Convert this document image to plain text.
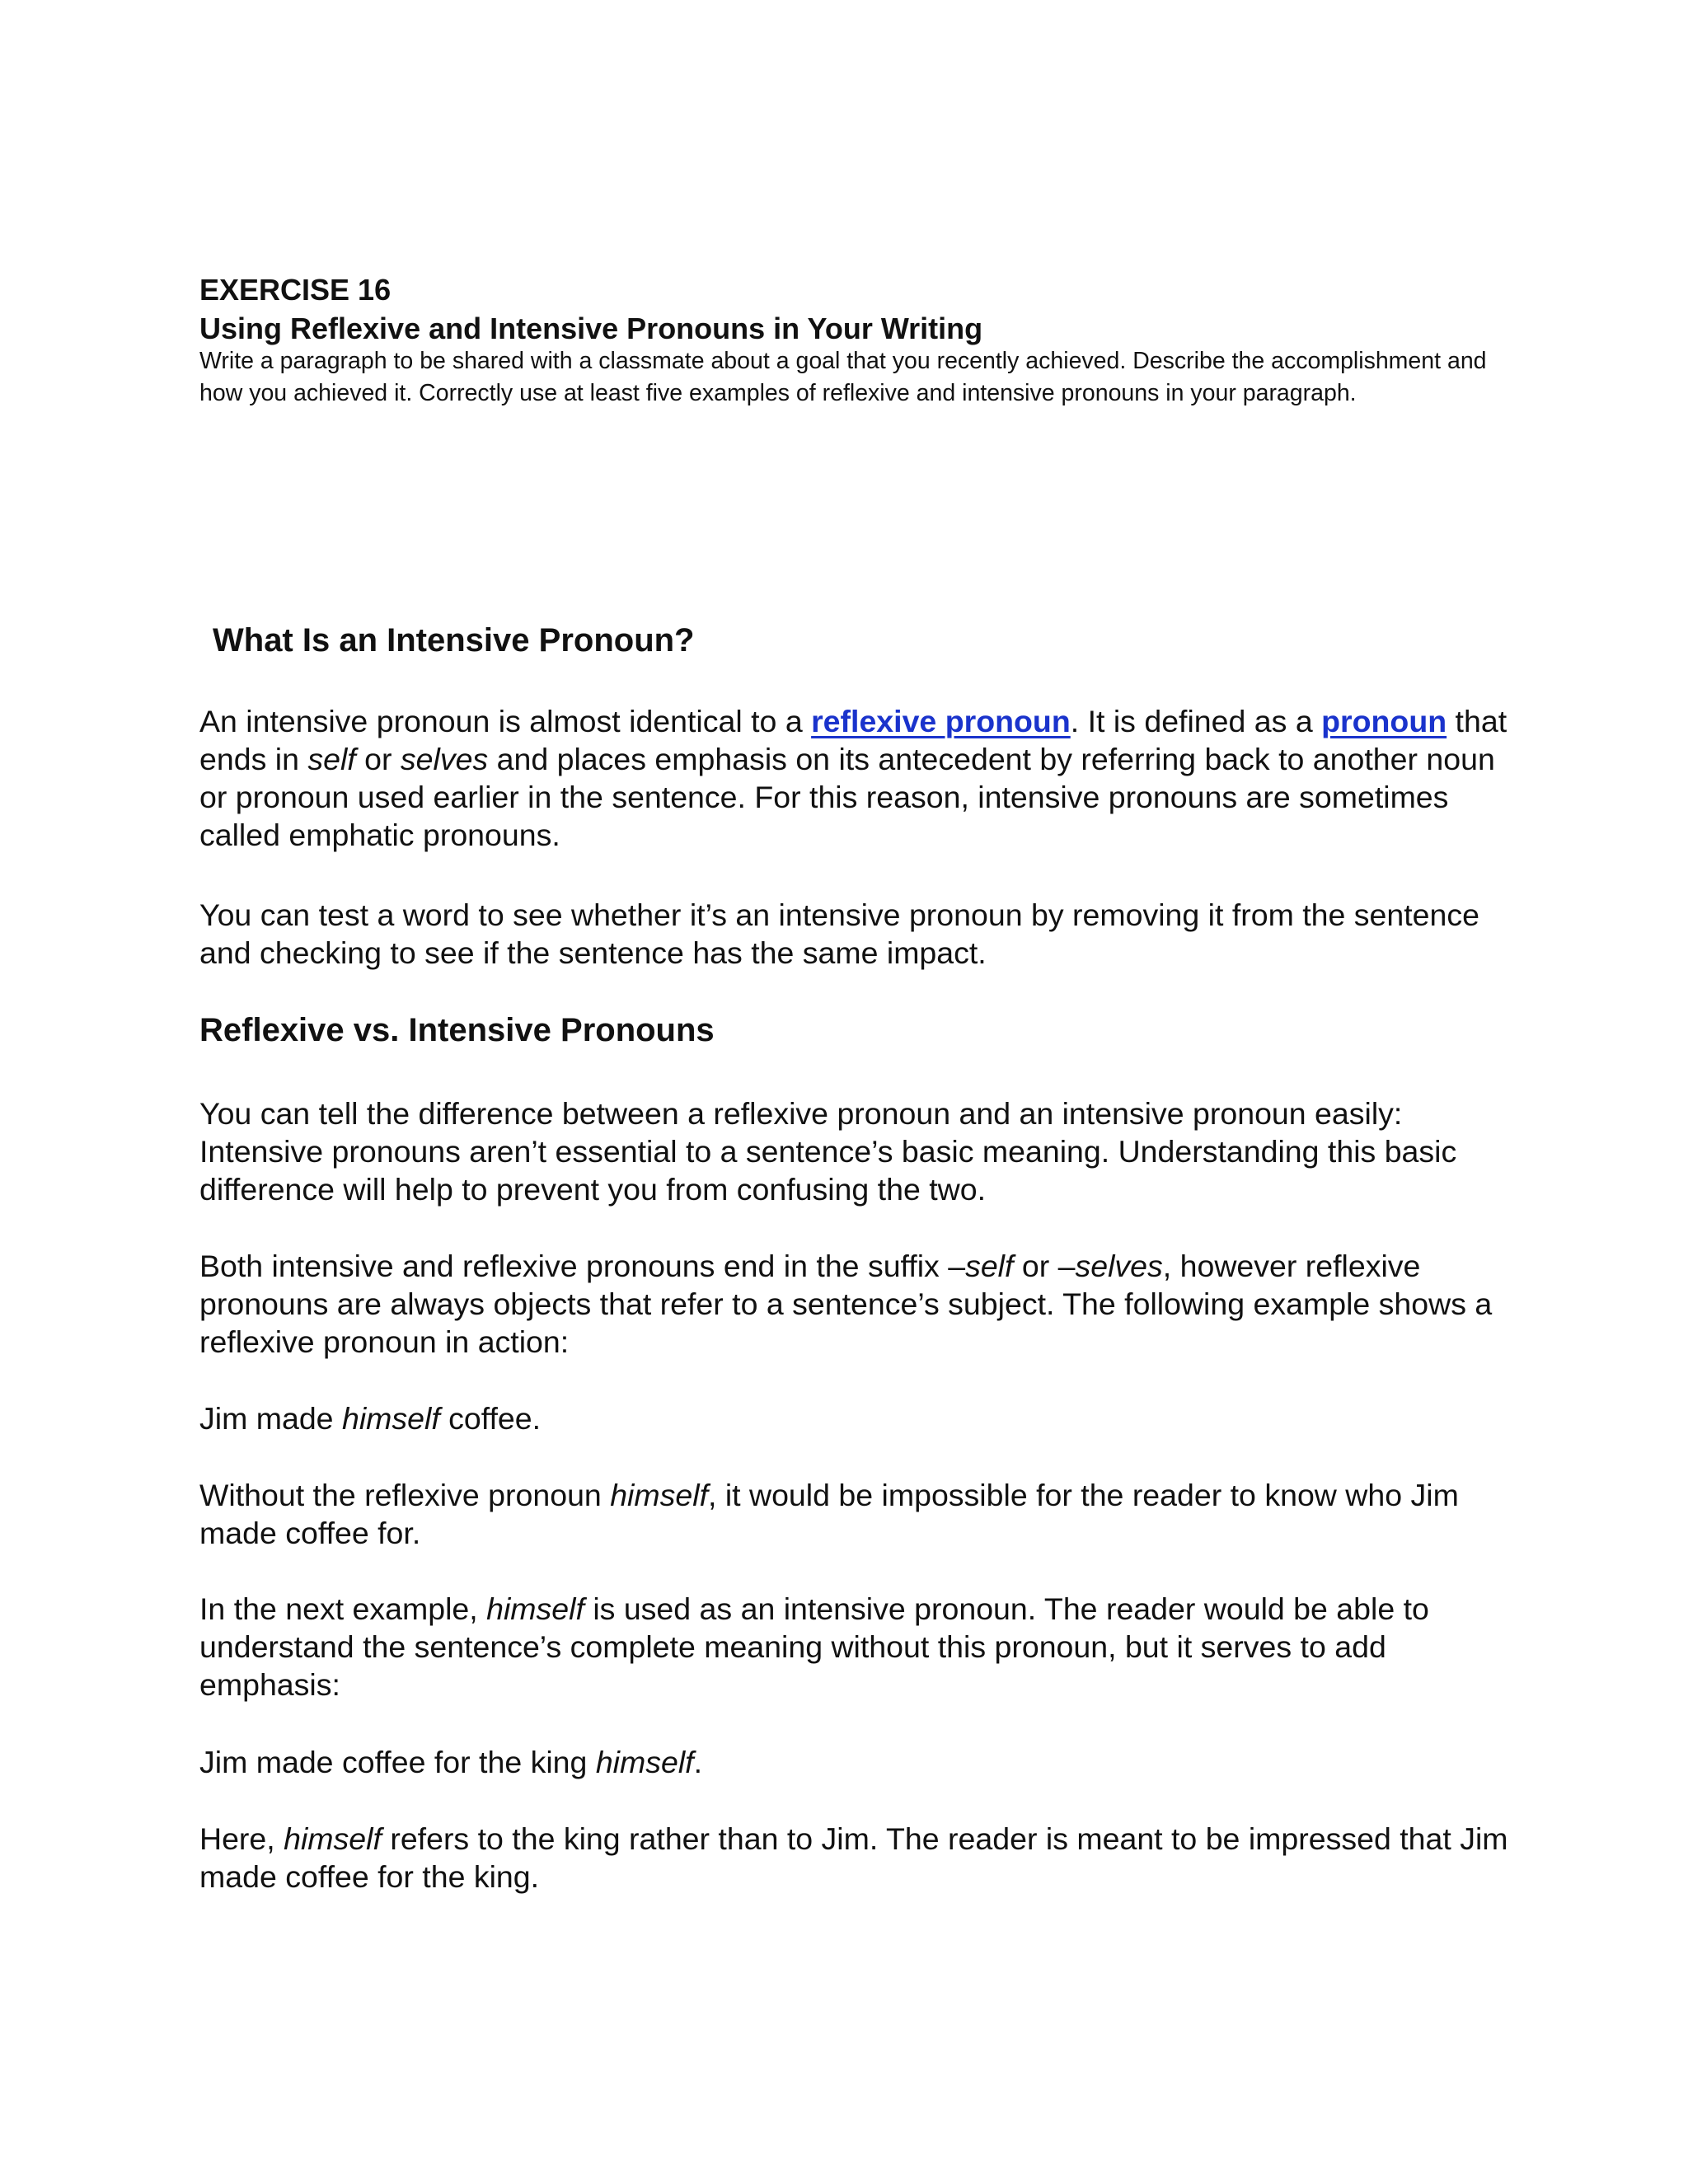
EXERCISE 16

Using Reflexive and Intensive Pronouns in Your Writing

Write a paragraph to be shared with a classmate about a goal that you recently achieved. Describe the accomplishment and how you achieved it. Correctly use at least five examples of reflexive and intensive pronouns in your paragraph.

What Is an Intensive Pronoun?

An intensive pronoun is almost identical to a reflexive pronoun. It is defined as a pronoun that ends in self or selves and places emphasis on its antecedent by referring back to another noun or pronoun used earlier in the sentence. For this reason, intensive pronouns are sometimes called emphatic pronouns.

You can test a word to see whether it’s an intensive pronoun by removing it from the sentence and checking to see if the sentence has the same impact.

Reflexive vs. Intensive Pronouns

You can tell the difference between a reflexive pronoun and an intensive pronoun easily: Intensive pronouns aren’t essential to a sentence’s basic meaning. Understanding this basic difference will help to prevent you from confusing the two.

Both intensive and reflexive pronouns end in the suffix –self or –selves, however reflexive pronouns are always objects that refer to a sentence’s subject. The following example shows a reflexive pronoun in action:

Jim made himself coffee.

Without the reflexive pronoun himself, it would be impossible for the reader to know who Jim made coffee for.

In the next example, himself is used as an intensive pronoun. The reader would be able to understand the sentence’s complete meaning without this pronoun, but it serves to add emphasis:

Jim made coffee for the king himself.

Here, himself refers to the king rather than to Jim. The reader is meant to be impressed that Jim made coffee for the king.
